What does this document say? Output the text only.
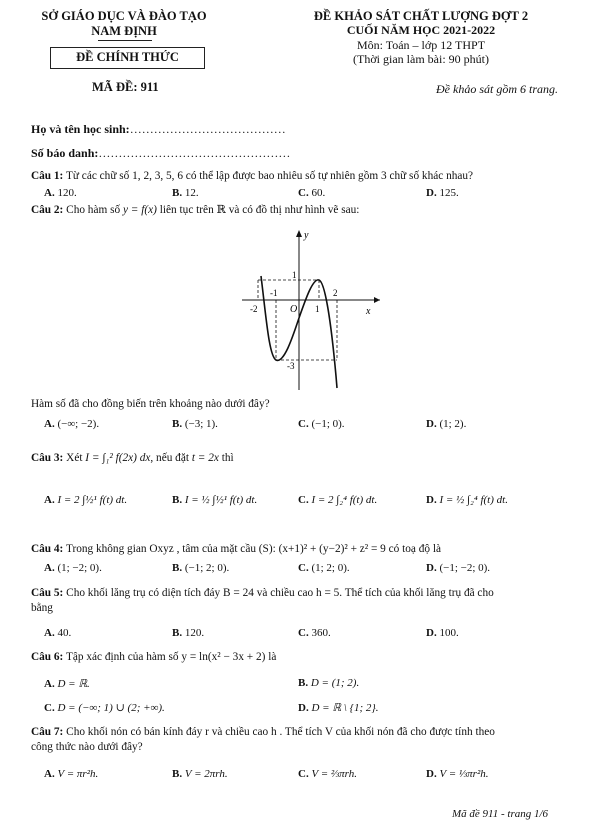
SỞ GIÁO DỤC VÀ ĐÀO TẠO
NAM ĐỊNH
ĐỀ CHÍNH THỨC
ĐỀ KHẢO SÁT CHẤT LƯỢNG ĐỢT 2
CUỐI NĂM HỌC 2021-2022
Môn: Toán – lớp 12 THPT
(Thời gian làm bài: 90 phút)
MÃ ĐỀ: 911	Đề khảo sát gồm 6 trang.
Họ và tên học sinh:…………………………………
Số báo danh:…………………………………………
Câu 1: Từ các chữ số 1, 2, 3, 5, 6 có thể lập được bao nhiêu số tự nhiên gồm 3 chữ số khác nhau?
A. 120.	B. 12.	C. 60.	D. 125.
Câu 2: Cho hàm số y = f(x) liên tục trên ℝ và có đồ thị như hình vẽ sau:
y
x
O
-2
-1
1
2
1
-3
Hàm số đã cho đồng biến trên khoảng nào dưới đây?
A. (−∞; −2).	B. (−3; 1).	C. (−1; 0).	D. (1; 2).
Câu 3: Xét I = ∫₁² f(2x) dx, nếu đặt t = 2x thì
A. I = 2 ∫½¹ f(t) dt.	B. I = ½ ∫½¹ f(t) dt.	C. I = 2 ∫₂⁴ f(t) dt.	D. I = ½ ∫₂⁴ f(t) dt.
Câu 4: Trong không gian Oxyz , tâm của mặt cầu (S): (x+1)² + (y−2)² + z² = 9 có toạ độ là
A. (1; −2; 0).	B. (−1; 2; 0).	C. (1; 2; 0).	D. (−1; −2; 0).
Câu 5: Cho khối lăng trụ có diện tích đáy B = 24 và chiều cao h = 5. Thể tích của khối lăng trụ đã cho
bằng
A. 40.	B. 120.	C. 360.	D. 100.
Câu 6: Tập xác định của hàm số y = ln(x² − 3x + 2) là
A. D = ℝ.	B. D = (1; 2).
C. D = (−∞; 1) ∪ (2; +∞).	D. D = ℝ \ {1; 2}.
Câu 7: Cho khối nón có bán kính đáy r và chiều cao h . Thể tích V của khối nón đã cho được tính theo
công thức nào dưới đây?
A. V = πr²h.	B. V = 2πrh.	C. V = ⅔πrh.	D. V = ⅓πr²h.
Mã đề 911 - trang 1/6
